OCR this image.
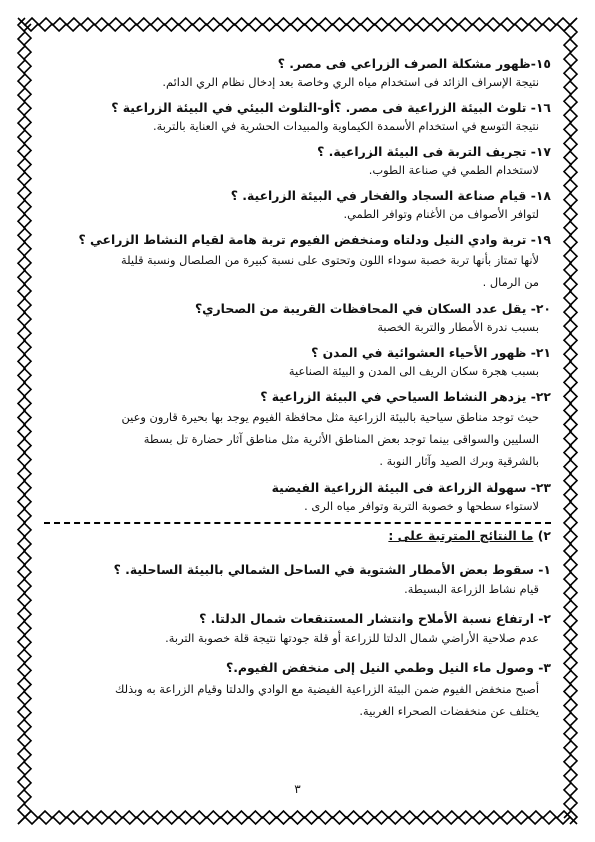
١٥-ظهور مشكلة الصرف الزراعي فى مصر. ؟
نتيجة الإسراف الزائد فى استخدام مياه الري وخاصة بعد إدخال نظام الري الدائم.
١٦- تلوث البيئة الزراعية فى مصر. ؟أو-التلوث البيئي في البيئة الزراعية ؟
نتيجة التوسع في استخدام الأسمدة الكيماوية والمبيدات الحشرية في العناية بالتربة.
١٧- تجريف التربة فى البيئة الزراعية. ؟
لاستخدام الطمي في صناعة الطوب.
١٨- قيام صناعة السجاد والفخار في البيئة الزراعية. ؟
لتوافر الأصواف من الأغنام وتوافر الطمي.
١٩- تربة وادي النيل ودلتاه ومنخفض الفيوم تربة هامة لقيام النشاط الزراعي ؟
لأنها تمتاز بأنها تربة خصبة سوداء اللون وتحتوى على نسبة كبيرة من الصلصال ونسبة قليلة
من الرمال .
٢٠- يقل عدد السكان في المحافظات القريبة من الصحاري؟
بسبب ندرة الأمطار والتربة الخصبة
٢١- ظهور الأحياء العشوائية في المدن ؟
بسبب هجرة سكان الريف الى المدن و البيئة الصناعية
٢٢- يزدهر النشاط السياحي في البيئة الزراعية ؟
حيث توجد مناطق سياحية بالبيئة الزراعية مثل محافظة الفيوم يوجد بها بحيرة قارون وعين
السليين والسواقى بينما توجد بعض المناطق الأثرية مثل مناطق آثار حضارة تل بسطة
بالشرقية وبرك الصيد وآثار النوبة .
٢٣- سهولة الزراعة فى البيئة الزراعية الفيضية
لاستواء سطحها و خصوبة التربة وتوافر مياه الرى .
٢) ما النتائج المترتبة على :
١- سقوط بعض الأمطار الشتوية في الساحل الشمالي بالبيئة الساحلية. ؟
قيام نشاط الزراعة البسيطة.
٢- ارتفاع نسبة الأملاح وانتشار المستنقعات شمال الدلتا. ؟
عدم صلاحية الأراضي شمال الدلتا للزراعة أو قلة جودتها نتيجة قلة خصوبة التربة.
٣- وصول ماء النيل وطمي النيل إلى منخفض الفيوم.؟
أصبح منخفض الفيوم ضمن البيئة الزراعية الفيضية مع الوادي والدلتا وقيام الزراعة به وبذلك
يختلف عن منخفضات الصحراء الغربية.
٣
